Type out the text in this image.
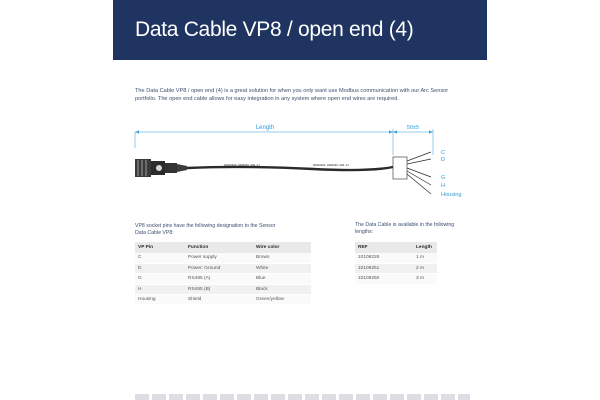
Data Cable VP8 / open end (4)

The Data Cable VP8 / open end (4) is a great solution for when you only want use Modbus communication with our Arc Sensor portfolio. The open end cable allows for easy integration in any system where open end wires are required.

Length	50±5
00000000 0000000 000-11	00000000 0000000 000-11
C
D
G
H
Housing

VP8 socket pins have the following designation to the Sensor Data Cable VP8:

The Data Cable is available in the following lengths:

VP Pin	Function	Wire color
C	Power supply	Brown
D	Power: Ground	White
G	RS485 (A)	Blue
H	RS485 (B)	Black
Housing	Shield	Green/yellow
REF	Length
10109226	1 m
10109251	2 m
10109250	3 m
